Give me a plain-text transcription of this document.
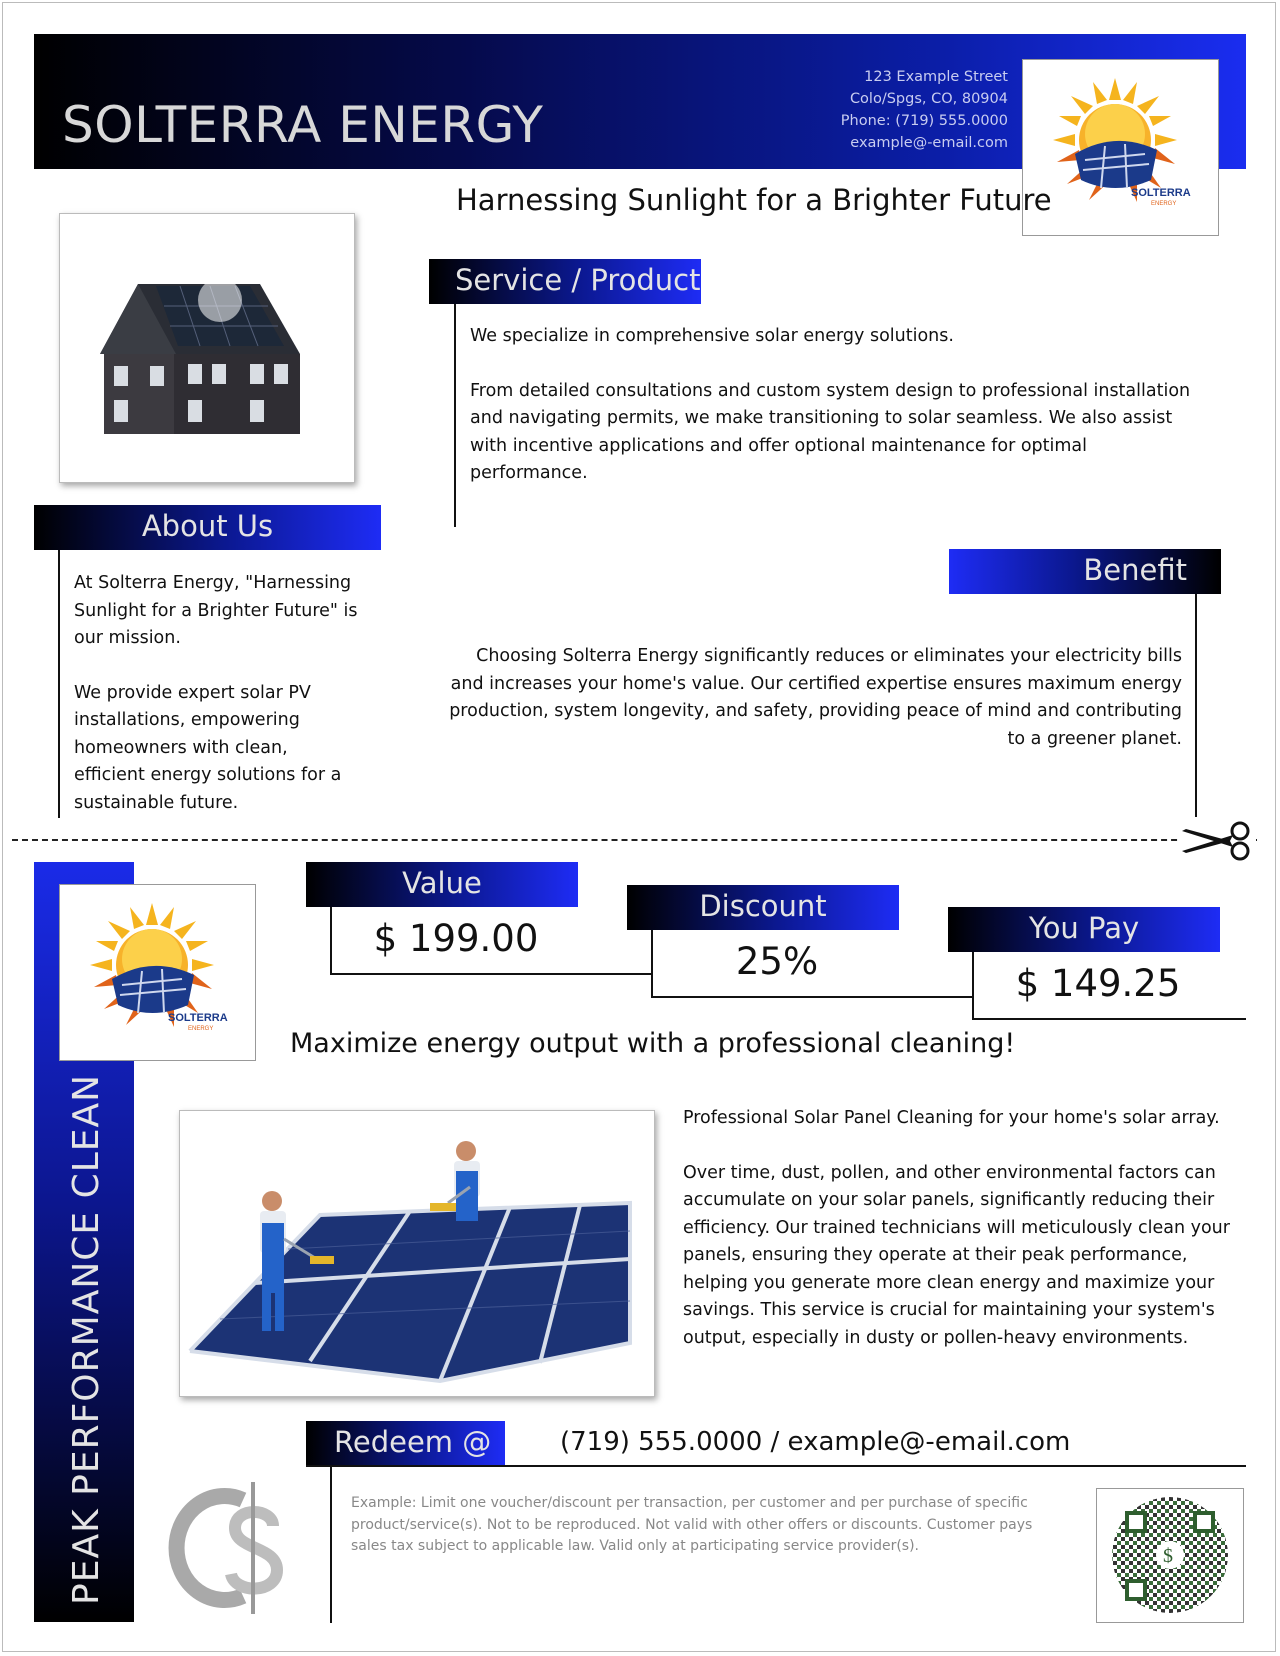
SOLTERRA ENERGY
123 Example Street
Colo/Spgs, CO, 80904
Phone: (719) 555.0000
example@-email.com
SOLTERRA
ENERGY
Harnessing Sunlight for a Brighter Future
Service / Product
We specialize in comprehensive solar energy solutions.
From detailed consultations and custom system design to professional installation and navigating permits, we make transitioning to solar seamless. We also assist with incentive applications and offer optional maintenance for optimal performance.
About Us
At Solterra Energy, "Harnessing Sunlight for a Brighter Future" is our mission.
We provide expert solar PV installations, empowering homeowners with clean, efficient energy solutions for a sustainable future.
Benefit
Choosing Solterra Energy significantly reduces or eliminates your electricity bills and increases your home's value. Our certified expertise ensures maximum energy production, system longevity, and safety, providing peace of mind and contributing to a greener planet.
PEAK PERFORMANCE CLEAN
SOLTERRA
ENERGY
Value
$ 199.00
Discount
25%
You Pay
$ 149.25
Maximize energy output with a professional cleaning!
Professional Solar Panel Cleaning for your home's solar array.
Over time, dust, pollen, and other environmental factors can accumulate on your solar panels, significantly reducing their efficiency. Our trained technicians will meticulously clean your panels, ensuring they operate at their peak performance, helping you generate more clean energy and maximize your savings. This service is crucial for maintaining your system's output, especially in dusty or pollen-heavy environments.
Redeem @	(719) 555.0000 / example@-email.com
Example: Limit one voucher/discount per transaction, per customer and per purchase of specific product/service(s). Not to be reproduced. Not valid with other offers or discounts. Customer pays sales tax subject to applicable law. Valid only at participating service provider(s).	$
